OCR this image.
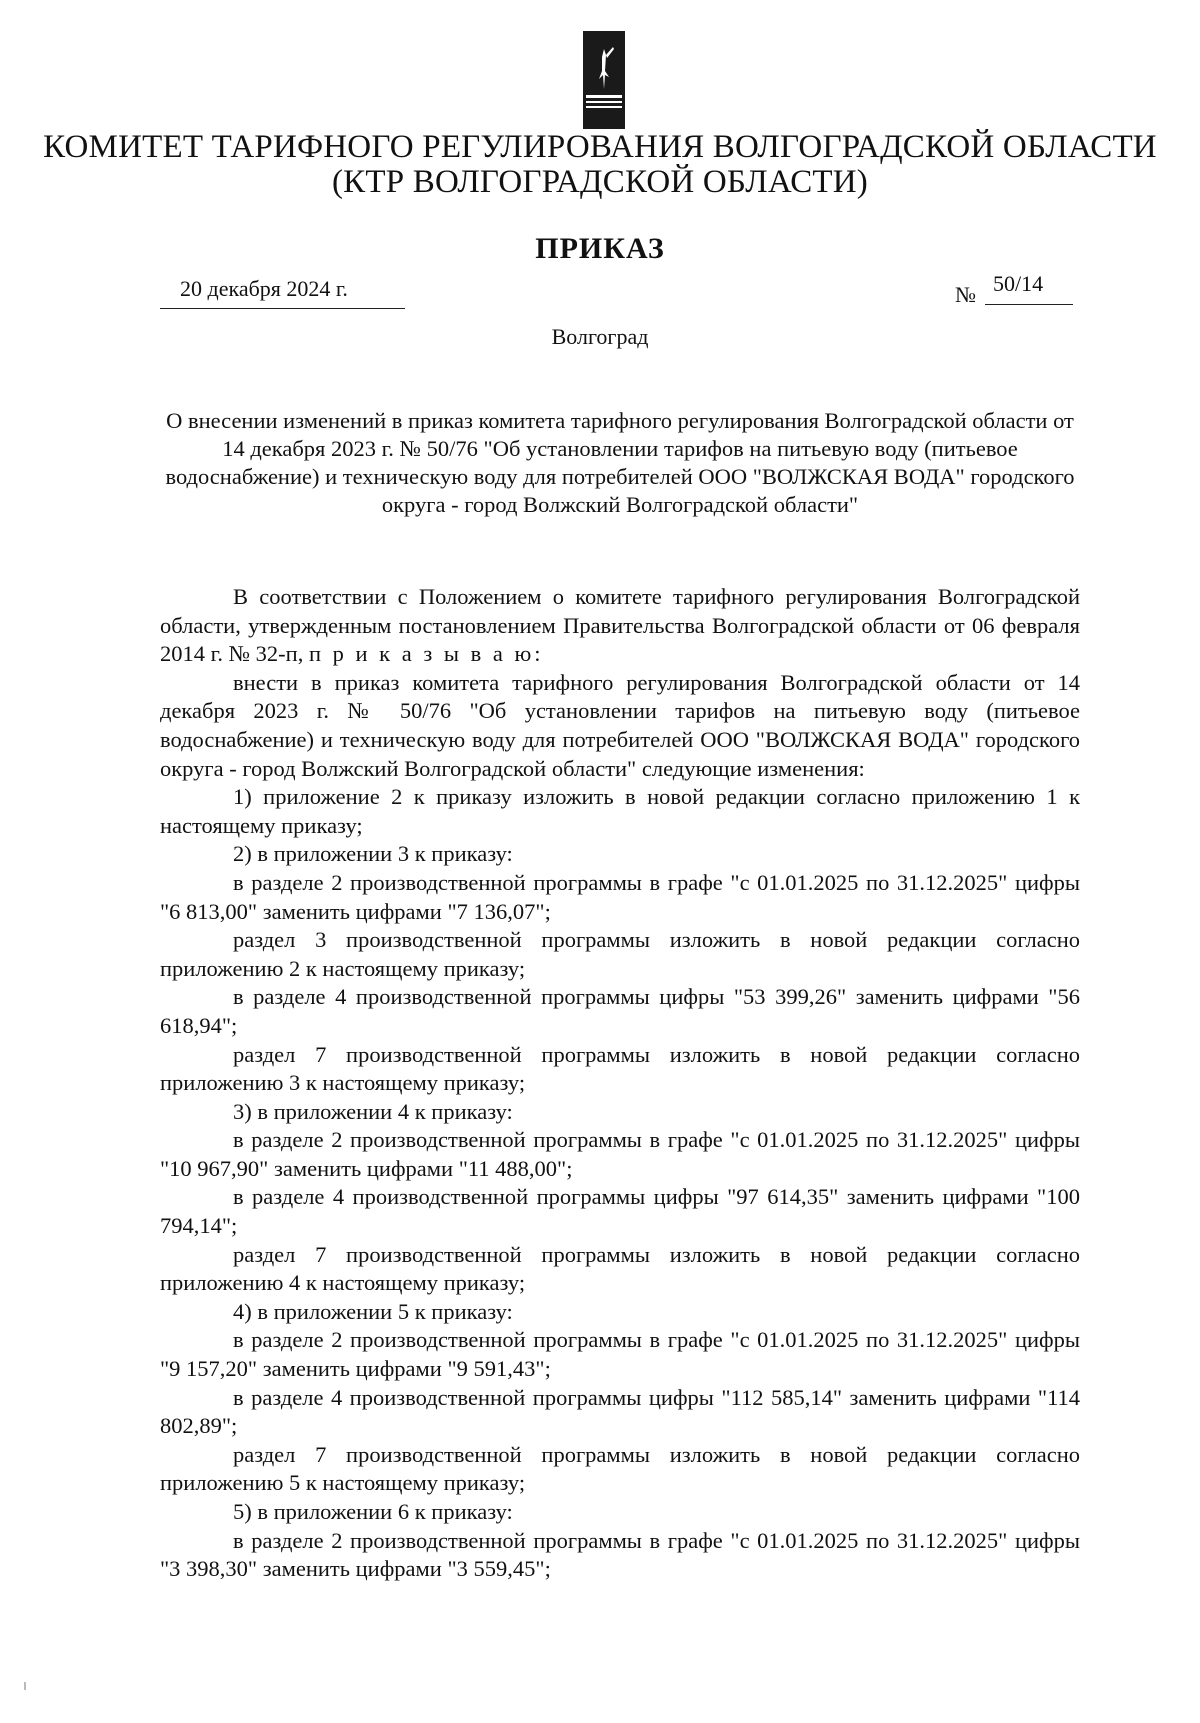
КОМИТЕТ ТАРИФНОГО РЕГУЛИРОВАНИЯ ВОЛГОГРАДСКОЙ ОБЛАСТИ
(КТР ВОЛГОГРАДСКОЙ ОБЛАСТИ)
ПРИКАЗ
20 декабря 2024 г.	№ 50/14
Волгоград
О внесении изменений в приказ комитета тарифного регулирования Волгоградской области от 14 декабря 2023 г. № 50/76 "Об установлении тарифов на питьевую воду (питьевое водоснабжение) и техническую воду для потребителей ООО "ВОЛЖСКАЯ ВОДА" городского округа - город Волжский Волгоградской области"

В соответствии с Положением о комитете тарифного регулирования Волгоградской области, утвержденным постановлением Правительства Волгоградской области от 06 февраля 2014 г. № 32-п, п р и к а з ы в а ю:

внести в приказ комитета тарифного регулирования Волгоградской области от 14 декабря 2023 г. № 50/76 "Об установлении тарифов на питьевую воду (питьевое водоснабжение) и техническую воду для потребителей ООО "ВОЛЖСКАЯ ВОДА" городского округа - город Волжский Волгоградской области" следующие изменения:

1) приложение 2 к приказу изложить в новой редакции согласно приложению 1 к настоящему приказу;

2) в приложении 3 к приказу:

в разделе 2 производственной программы в графе "с 01.01.2025 по 31.12.2025" цифры "6 813,00" заменить цифрами "7 136,07";

раздел 3 производственной программы изложить в новой редакции согласно приложению 2 к настоящему приказу;

в разделе 4 производственной программы цифры "53 399,26" заменить цифрами "56 618,94";

раздел 7 производственной программы изложить в новой редакции согласно приложению 3 к настоящему приказу;

3) в приложении 4 к приказу:

в разделе 2 производственной программы в графе "с 01.01.2025 по 31.12.2025" цифры "10 967,90" заменить цифрами "11 488,00";

в разделе 4 производственной программы цифры "97 614,35" заменить цифрами "100 794,14";

раздел 7 производственной программы изложить в новой редакции согласно приложению 4 к настоящему приказу;

4) в приложении 5 к приказу:

в разделе 2 производственной программы в графе "с 01.01.2025 по 31.12.2025" цифры "9 157,20" заменить цифрами "9 591,43";

в разделе 4 производственной программы цифры "112 585,14" заменить цифрами "114 802,89";

раздел 7 производственной программы изложить в новой редакции согласно приложению 5 к настоящему приказу;

5) в приложении 6 к приказу:

в разделе 2 производственной программы в графе "с 01.01.2025 по 31.12.2025" цифры "3 398,30" заменить цифрами "3 559,45";
